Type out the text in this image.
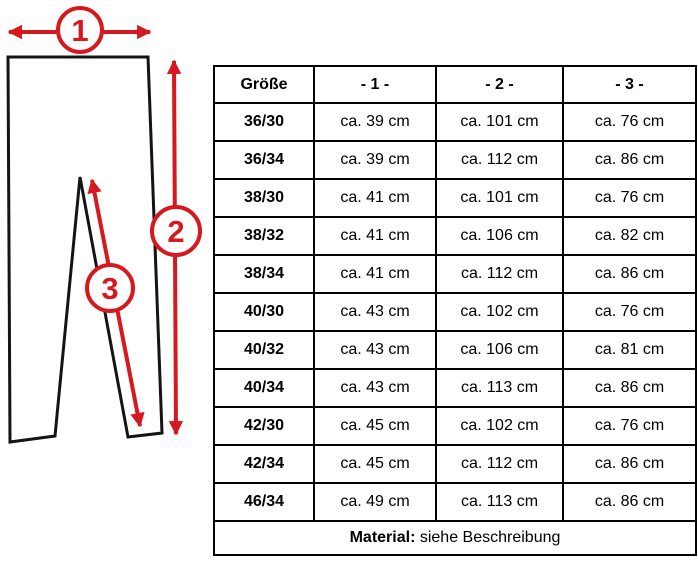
1
2
3
Größe	- 1 -	- 2 -	- 3 -
36/30	ca. 39 cm	ca. 101 cm	ca. 76 cm
36/34	ca. 39 cm	ca. 112 cm	ca. 86 cm
38/30	ca. 41 cm	ca. 101 cm	ca. 76 cm
38/32	ca. 41 cm	ca. 106 cm	ca. 82 cm
38/34	ca. 41 cm	ca. 112 cm	ca. 86 cm
40/30	ca. 43 cm	ca. 102 cm	ca. 76 cm
40/32	ca. 43 cm	ca. 106 cm	ca. 81 cm
40/34	ca. 43 cm	ca. 113 cm	ca. 86 cm
42/30	ca. 45 cm	ca. 102 cm	ca. 76 cm
42/34	ca. 45 cm	ca. 112 cm	ca. 86 cm
46/34	ca. 49 cm	ca. 113 cm	ca. 86 cm
Material: siehe Beschreibung			
